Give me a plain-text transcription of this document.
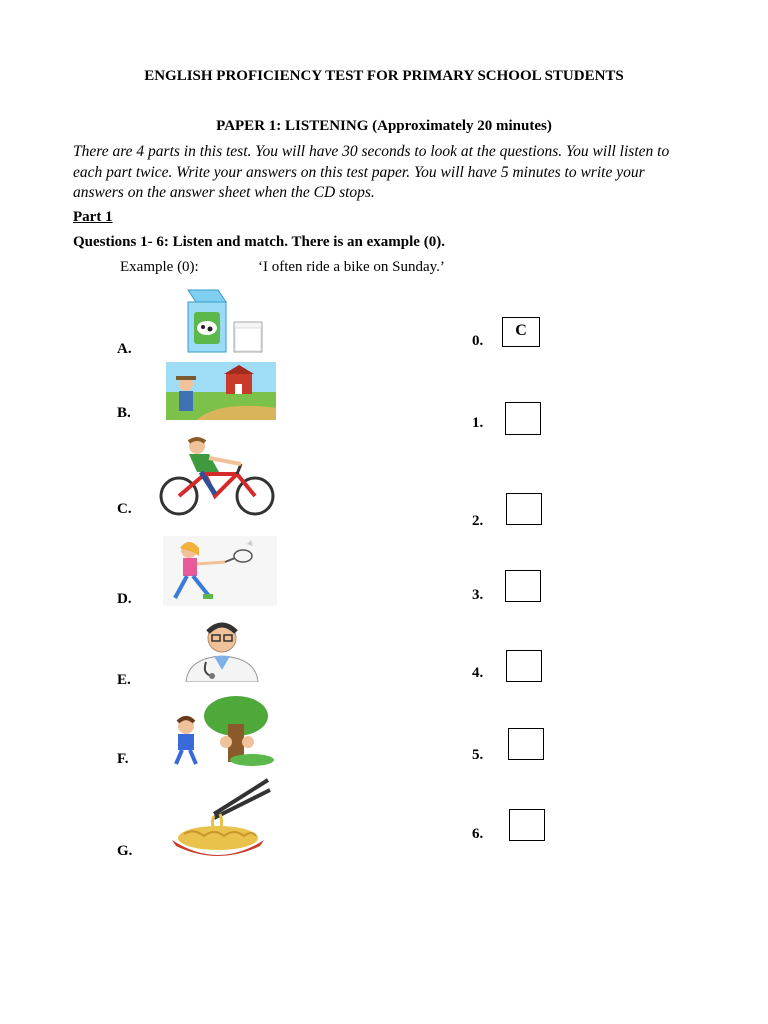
ENGLISH PROFICIENCY TEST FOR PRIMARY SCHOOL STUDENTS
PAPER 1: LISTENING (Approximately 20 minutes)
There are 4 parts in this test. You will have 30 seconds to look at the questions. You will listen to each part twice. Write your answers on this test paper. You will have 5 minutes to write your answers on the answer sheet when the CD stops.
Part 1
Questions 1- 6: Listen and match. There is an example (0).
Example (0):	‘I often ride a bike on Sunday.’
A.
B.
C.
D.
E.
F.
G.
0.
1.
2.
3.
4.
5.
6.
C
